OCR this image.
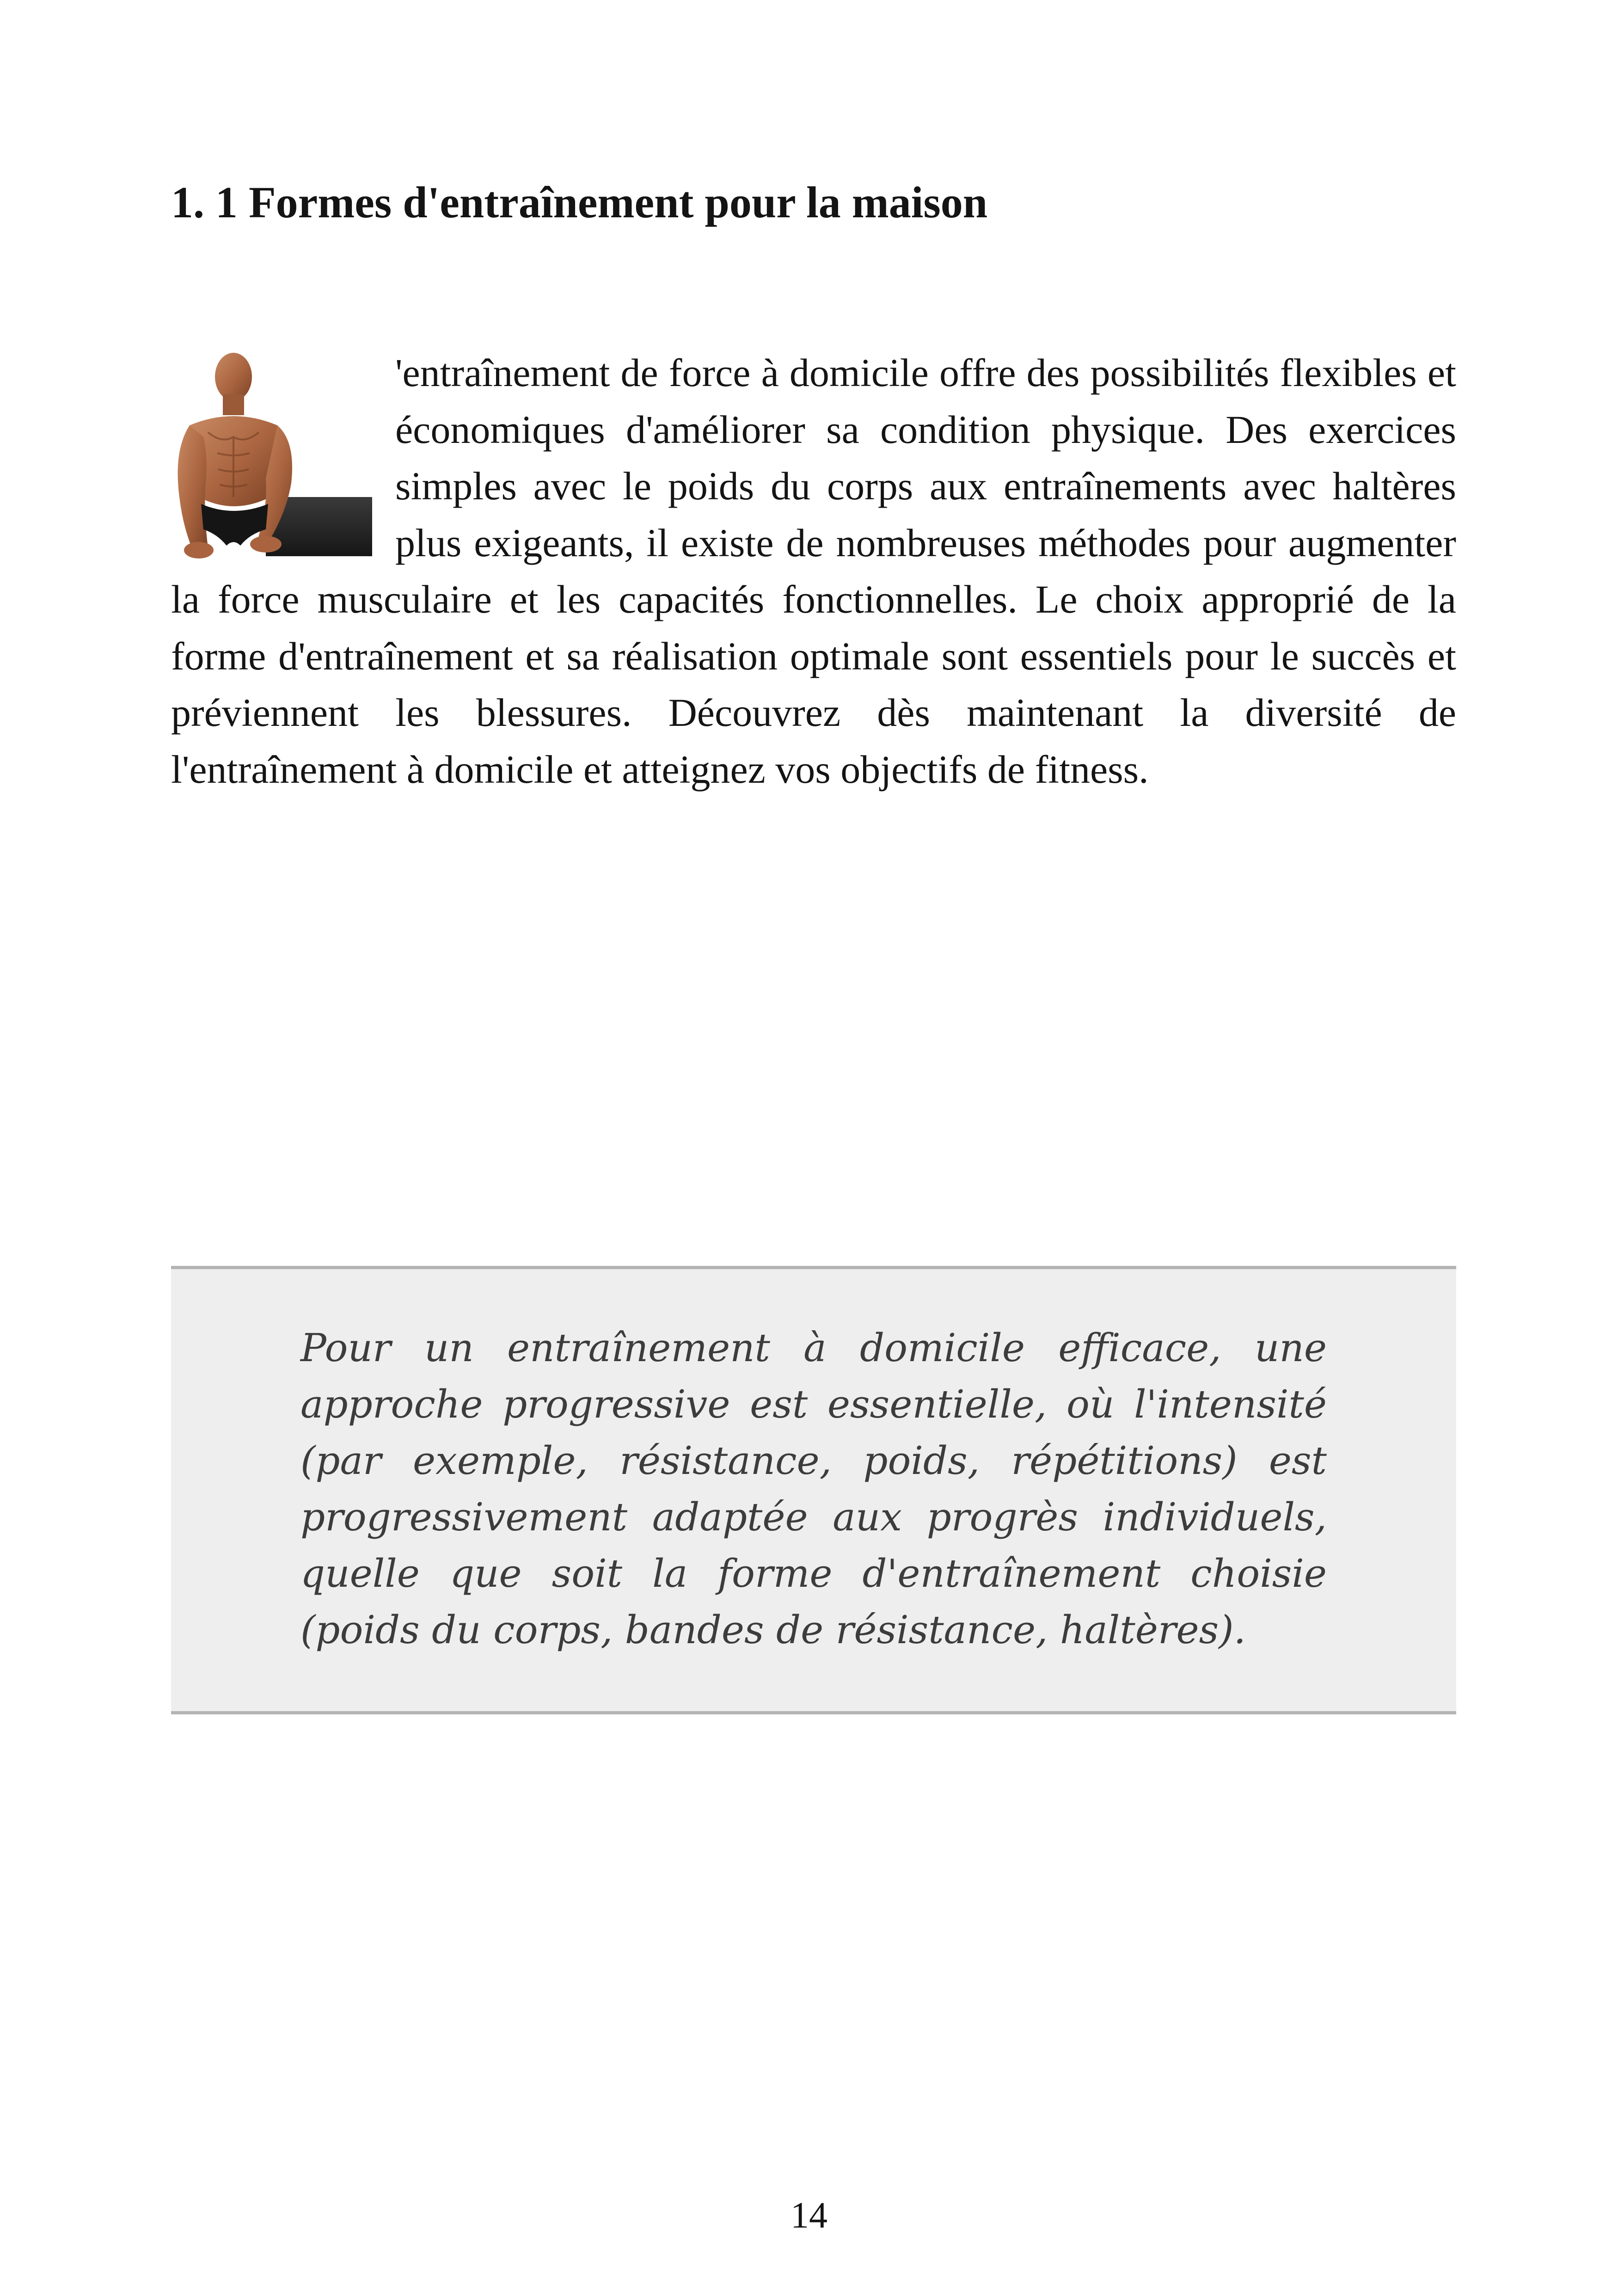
1. 1 Formes d'entraînement pour la maison
'entraînement de force à domicile offre des possibilités flexibles et économiques d'améliorer sa condition physique. Des exercices simples avec le poids du corps aux entraînements avec haltères plus exigeants, il existe de nombreuses méthodes pour augmenter la force musculaire et les capacités fonctionnelles. Le choix approprié de la forme d'entraînement et sa réalisation optimale sont essentiels pour le succès et préviennent les blessures. Découvrez dès maintenant la diversité de l'entraînement à domicile et atteignez vos objectifs de fitness.

Pour un entraînement à domicile efficace, une approche progressive est essentielle, où l'intensité (par exemple, résistance, poids, répétitions) est progressivement adaptée aux progrès individuels, quelle que soit la forme d'entraînement choisie (poids du corps, bandes de résistance, haltères).

14
